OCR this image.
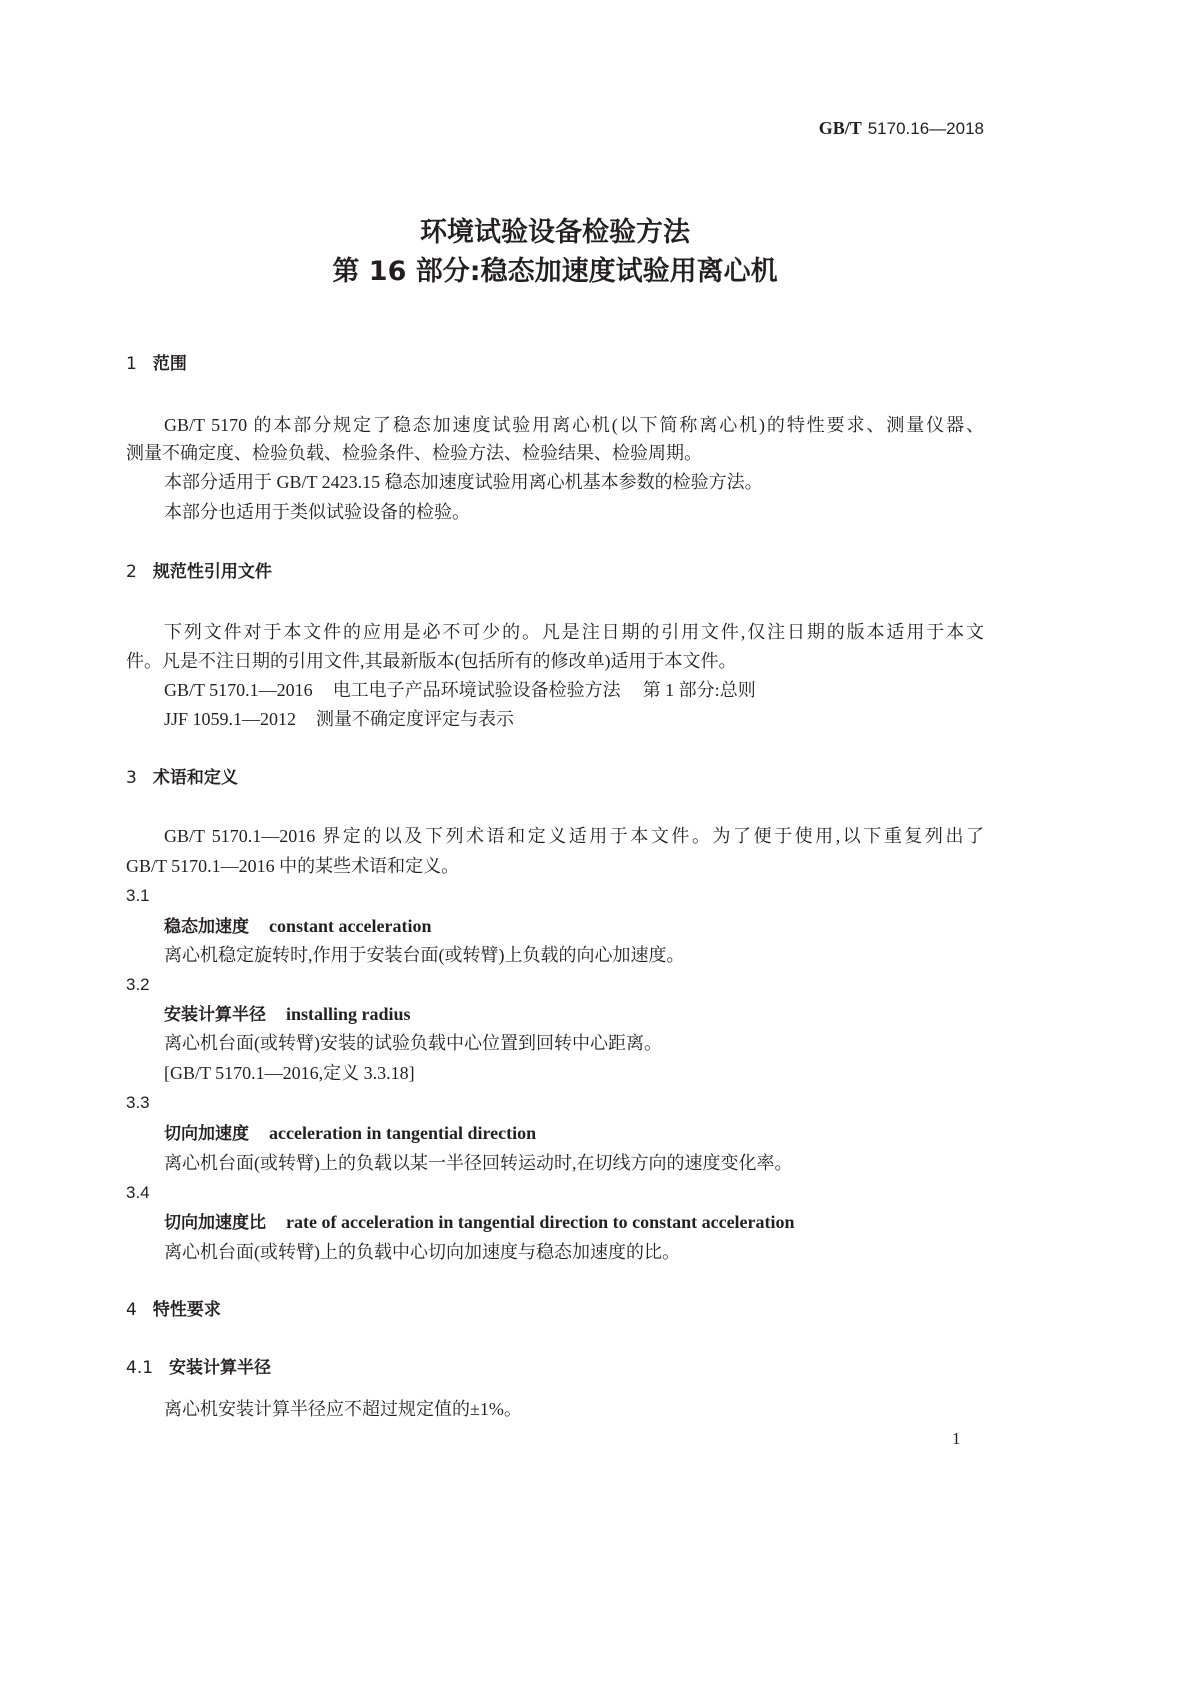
GB/T 5170.16—2018
环境试验设备检验方法
第 16 部分:稳态加速度试验用离心机
1 范围
GB/T 5170 的本部分规定了稳态加速度试验用离心机(以下简称离心机)的特性要求、测量仪器、
测量不确定度、检验负载、检验条件、检验方法、检验结果、检验周期。
本部分适用于 GB/T 2423.15 稳态加速度试验用离心机基本参数的检验方法。
本部分也适用于类似试验设备的检验。
2 规范性引用文件
下列文件对于本文件的应用是必不可少的。凡是注日期的引用文件,仅注日期的版本适用于本文
件。凡是不注日期的引用文件,其最新版本(包括所有的修改单)适用于本文件。
GB/T 5170.1—2016 电工电子产品环境试验设备检验方法 第 1 部分:总则
JJF 1059.1—2012 测量不确定度评定与表示
3 术语和定义
GB/T 5170.1—2016 界定的以及下列术语和定义适用于本文件。为了便于使用,以下重复列出了
GB/T 5170.1—2016 中的某些术语和定义。
3.1
稳态加速度 constant acceleration
离心机稳定旋转时,作用于安装台面(或转臂)上负载的向心加速度。
3.2
安装计算半径 installing radius
离心机台面(或转臂)安装的试验负载中心位置到回转中心距离。
[GB/T 5170.1—2016,定义 3.3.18]
3.3
切向加速度 acceleration in tangential direction
离心机台面(或转臂)上的负载以某一半径回转运动时,在切线方向的速度变化率。
3.4
切向加速度比 rate of acceleration in tangential direction to constant acceleration
离心机台面(或转臂)上的负载中心切向加速度与稳态加速度的比。
4 特性要求
4.1 安装计算半径
离心机安装计算半径应不超过规定值的±1%。
1
